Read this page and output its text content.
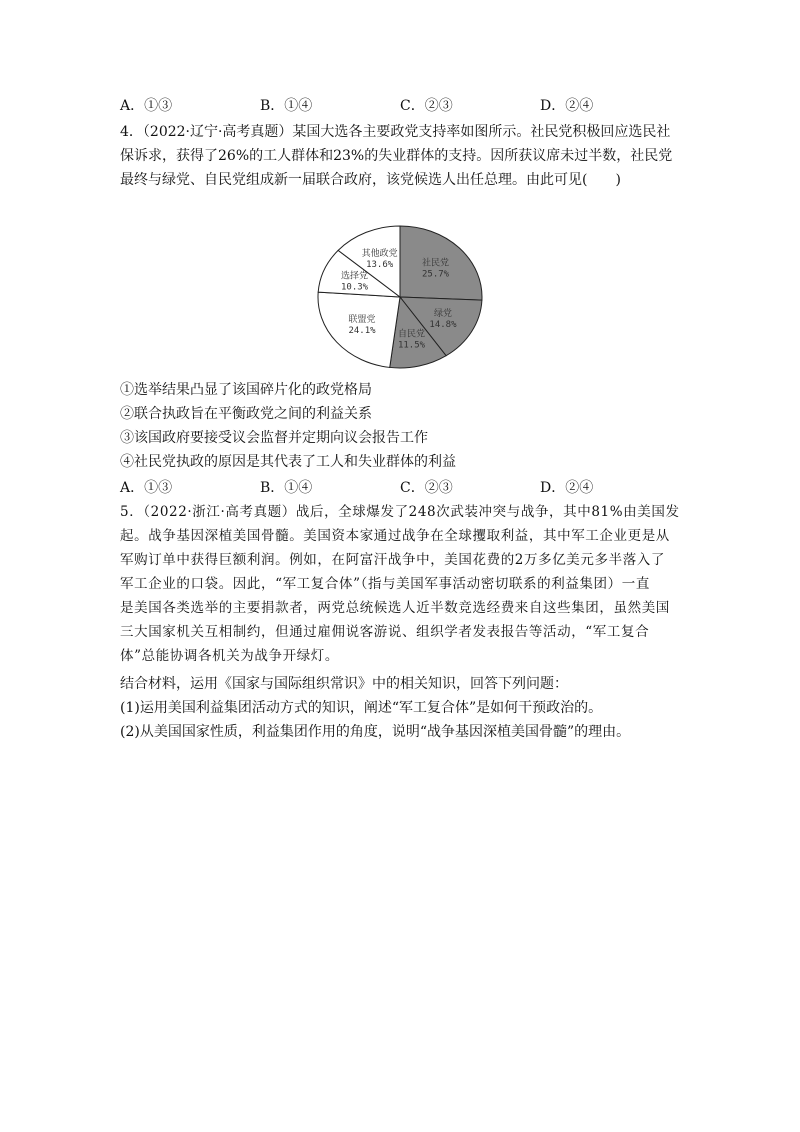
A．①③	B．①④	C．②③	D．②④
4．（2022·辽宁·高考真题）某国大选各主要政党支持率如图所示。社民党积极回应选民社
保诉求，获得了26%的工人群体和23%的失业群体的支持。因所获议席未过半数，社民党
最终与绿党、自民党组成新一届联合政府，该党候选人出任总理。由此可见(　　)
社民党
25.7%
绿党
14.8%
自民党
11.5%
联盟党
24.1%
选择党
10.3%
其他政党
13.6%
①选举结果凸显了该国碎片化的政党格局
②联合执政旨在平衡政党之间的利益关系
③该国政府要接受议会监督并定期向议会报告工作
④社民党执政的原因是其代表了工人和失业群体的利益
A．①③	B．①④	C．②③	D．②④
5．（2022·浙江·高考真题）战后，全球爆发了248次武装冲突与战争，其中81%由美国发
起。战争基因深植美国骨髓。美国资本家通过战争在全球攫取利益，其中军工企业更是从
军购订单中获得巨额利润。例如，在阿富汗战争中，美国花费的2万多亿美元多半落入了
军工企业的口袋。因此，“军工复合体”（指与美国军事活动密切联系的利益集团）一直
是美国各类选举的主要捐款者，两党总统候选人近半数竞选经费来自这些集团，虽然美国
三大国家机关互相制约，但通过雇佣说客游说、组织学者发表报告等活动，“军工复合
体”总能协调各机关为战争开绿灯。
结合材料，运用《国家与国际组织常识》中的相关知识，回答下列问题：
(1)运用美国利益集团活动方式的知识，阐述“军工复合体”是如何干预政治的。
(2)从美国国家性质，利益集团作用的角度，说明“战争基因深植美国骨髓”的理由。
